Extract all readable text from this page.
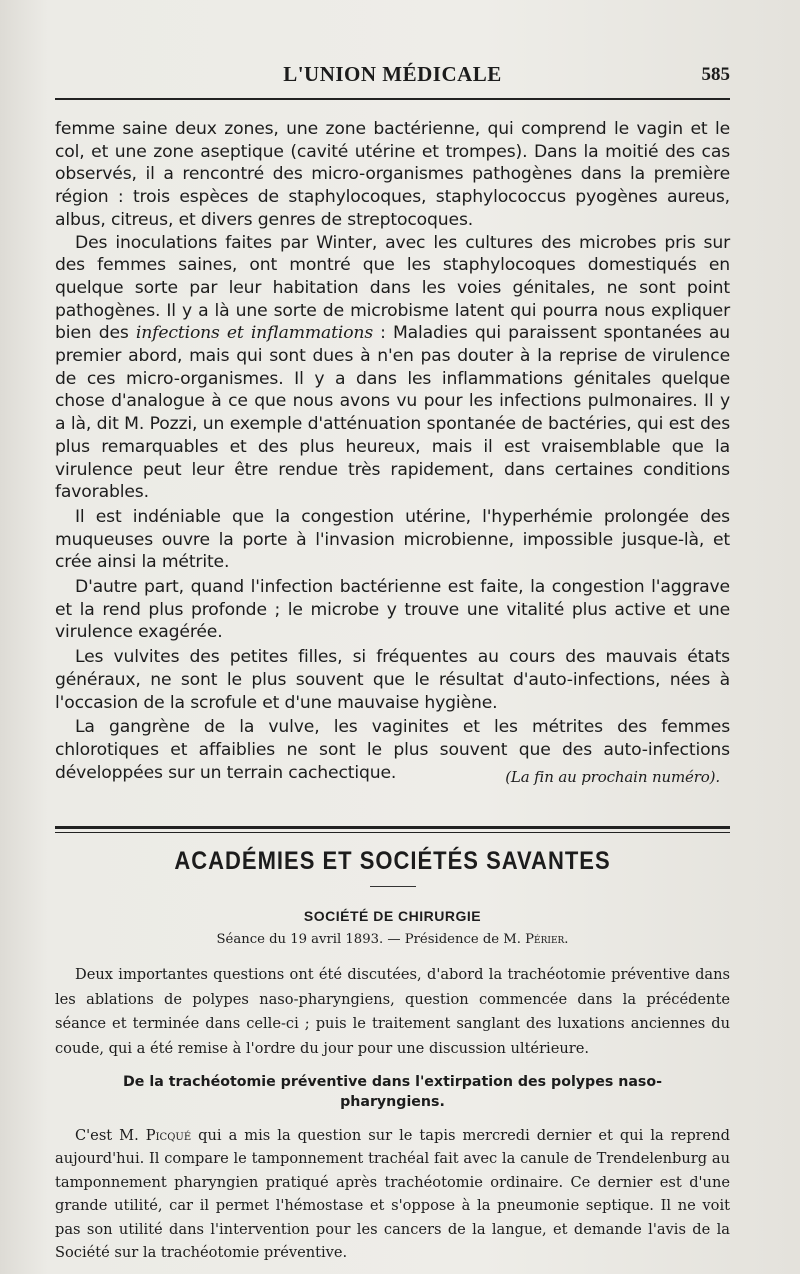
L'UNION MÉDICALE	585

femme saine deux zones, une zone bactérienne, qui comprend le vagin et le col, et une zone aseptique (cavité utérine et trompes). Dans la moitié des cas observés, il a rencontré des micro-organismes pathogènes dans la première région : trois espèces de staphylocoques, staphylococcus pyogènes aureus, albus, citreus, et divers genres de streptocoques.

Des inoculations faites par Winter, avec les cultures des microbes pris sur des femmes saines, ont montré que les staphylocoques domestiqués en quelque sorte par leur habitation dans les voies génitales, ne sont point pathogènes. Il y a là une sorte de microbisme latent qui pourra nous expliquer bien des infections et inflammations : Maladies qui paraissent spontanées au premier abord, mais qui sont dues à n'en pas douter à la reprise de virulence de ces micro-organismes. Il y a dans les inflammations génitales quelque chose d'analogue à ce que nous avons vu pour les infections pulmonaires. Il y a là, dit M. Pozzi, un exemple d'atténuation spontanée de bactéries, qui est des plus remarquables et des plus heureux, mais il est vraisemblable que la virulence peut leur être rendue très rapidement, dans certaines conditions favorables.

Il est indéniable que la congestion utérine, l'hyperhémie prolongée des muqueuses ouvre la porte à l'invasion microbienne, impossible jusque-là, et crée ainsi la métrite.

D'autre part, quand l'infection bactérienne est faite, la congestion l'aggrave et la rend plus profonde ; le microbe y trouve une vitalité plus active et une virulence exagérée.

Les vulvites des petites filles, si fréquentes au cours des mauvais états généraux, ne sont le plus souvent que le résultat d'auto-infections, nées à l'occasion de la scrofule et d'une mauvaise hygiène.

La gangrène de la vulve, les vaginites et les métrites des femmes chlorotiques et affaiblies ne sont le plus souvent que des auto-infections développées sur un terrain cachectique.	(La fin au prochain numéro).
ACADÉMIES ET SOCIÉTÉS SAVANTES
SOCIÉTÉ DE CHIRURGIE
Séance du 19 avril 1893. — Présidence de M. Périer.

Deux importantes questions ont été discutées, d'abord la trachéotomie préventive dans les ablations de polypes naso-pharyngiens, question commencée dans la précédente séance et terminée dans celle-ci ; puis le traitement sanglant des luxations anciennes du coude, qui a été remise à l'ordre du jour pour une discussion ultérieure.

De la trachéotomie préventive dans l'extirpation des polypes naso-pharyngiens.

C'est M. Picqué qui a mis la question sur le tapis mercredi dernier et qui la reprend aujourd'hui. Il compare le tamponnement trachéal fait avec la canule de Trendelenburg au tamponnement pharyngien pratiqué après trachéotomie ordinaire. Ce dernier est d'une grande utilité, car il permet l'hémostase et s'oppose à la pneumonie septique. Il ne voit pas son utilité dans l'intervention pour les cancers de la langue, et demande l'avis de la Société sur la trachéotomie préventive.
